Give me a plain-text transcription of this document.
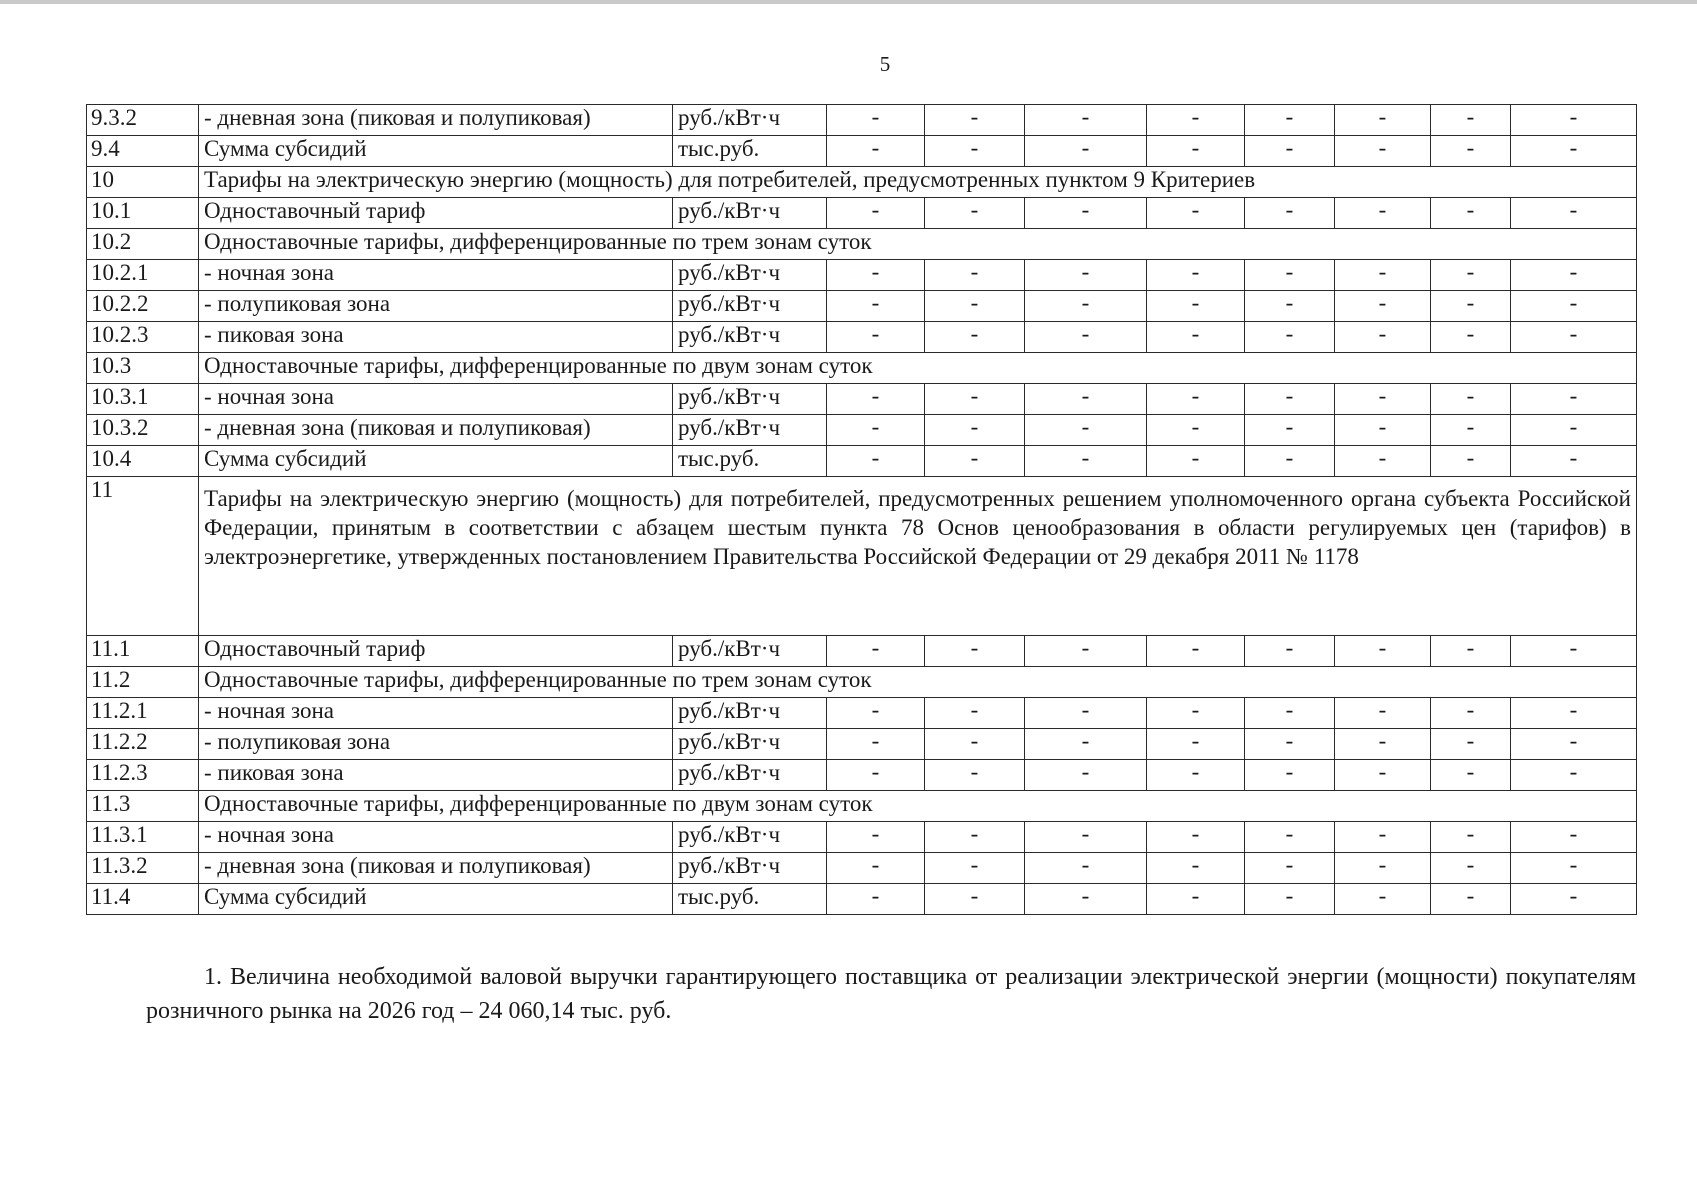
5
9.3.2	- дневная зона (пиковая и полупиковая)	руб./кВт·ч	-	-	-	-	-	-	-	-
9.4	Сумма субсидий	тыс.руб.	-	-	-	-	-	-	-	-
10	Тарифы на электрическую энергию (мощность) для потребителей, предусмотренных пунктом 9 Критериев									
10.1	Одноставочный тариф	руб./кВт·ч	-	-	-	-	-	-	-	-
10.2	Одноставочные тарифы, дифференцированные по трем зонам суток									
10.2.1	- ночная зона	руб./кВт·ч	-	-	-	-	-	-	-	-
10.2.2	- полупиковая зона	руб./кВт·ч	-	-	-	-	-	-	-	-
10.2.3	- пиковая зона	руб./кВт·ч	-	-	-	-	-	-	-	-
10.3	Одноставочные тарифы, дифференцированные по двум зонам суток									
10.3.1	- ночная зона	руб./кВт·ч	-	-	-	-	-	-	-	-
10.3.2	- дневная зона (пиковая и полупиковая)	руб./кВт·ч	-	-	-	-	-	-	-	-
10.4	Сумма субсидий	тыс.руб.	-	-	-	-	-	-	-	-
11	Тарифы на электрическую энергию (мощность) для потребителей, предусмотренных решением уполномоченного органа субъекта Российской Федерации, принятым в соответствии с абзацем шестым пункта 78 Основ ценообразования в области регулируемых цен (тарифов) в электроэнергетике, утвержденных постановлением Правительства Российской Федерации от 29 декабря 2011 № 1178									
11.1	Одноставочный тариф	руб./кВт·ч	-	-	-	-	-	-	-	-
11.2	Одноставочные тарифы, дифференцированные по трем зонам суток									
11.2.1	- ночная зона	руб./кВт·ч	-	-	-	-	-	-	-	-
11.2.2	- полупиковая зона	руб./кВт·ч	-	-	-	-	-	-	-	-
11.2.3	- пиковая зона	руб./кВт·ч	-	-	-	-	-	-	-	-
11.3	Одноставочные тарифы, дифференцированные по двум зонам суток									
11.3.1	- ночная зона	руб./кВт·ч	-	-	-	-	-	-	-	-
11.3.2	- дневная зона (пиковая и полупиковая)	руб./кВт·ч	-	-	-	-	-	-	-	-
11.4	Сумма субсидий	тыс.руб.	-	-	-	-	-	-	-	-

1. Величина необходимой валовой выручки гарантирующего поставщика от реализации электрической энергии (мощности) покупателям розничного рынка на 2026 год – 24 060,14 тыс. руб.
